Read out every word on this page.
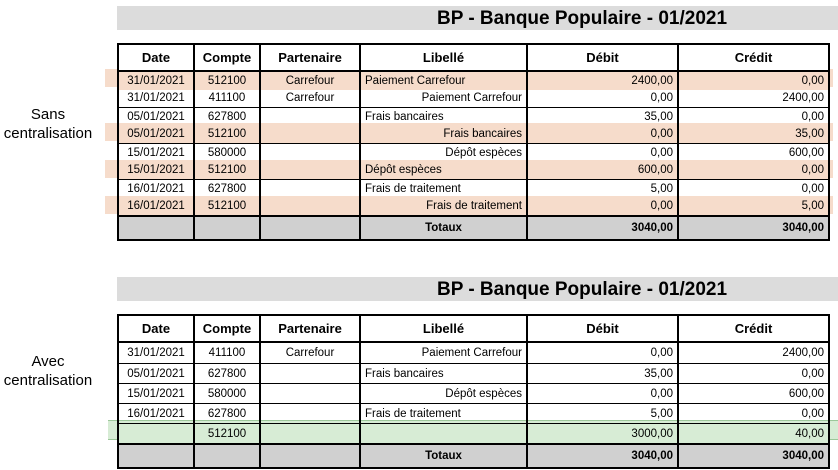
Sans
centralisation
BP - Banque Populaire - 01/2021
Date	Compte	Partenaire	Libellé	Débit	Crédit
31/01/2021	512100	Carrefour	Paiement Carrefour	2400,00	0,00
31/01/2021	411100	Carrefour	Paiement Carrefour	0,00	2400,00
05/01/2021	627800		Frais bancaires	35,00	0,00
05/01/2021	512100		Frais bancaires	0,00	35,00
15/01/2021	580000		Dépôt espèces	0,00	600,00
15/01/2021	512100		Dépôt espèces	600,00	0,00
16/01/2021	627800		Frais de traitement	5,00	0,00
16/01/2021	512100		Frais de traitement	0,00	5,00
			Totaux	3040,00	3040,00
Avec
centralisation
BP - Banque Populaire - 01/2021
Date	Compte	Partenaire	Libellé	Débit	Crédit
31/01/2021	411100	Carrefour	Paiement Carrefour	0,00	2400,00
05/01/2021	627800		Frais bancaires	35,00	0,00
15/01/2021	580000		Dépôt espèces	0,00	600,00
16/01/2021	627800		Frais de traitement	5,00	0,00
	512100			3000,00	40,00
			Totaux	3040,00	3040,00
